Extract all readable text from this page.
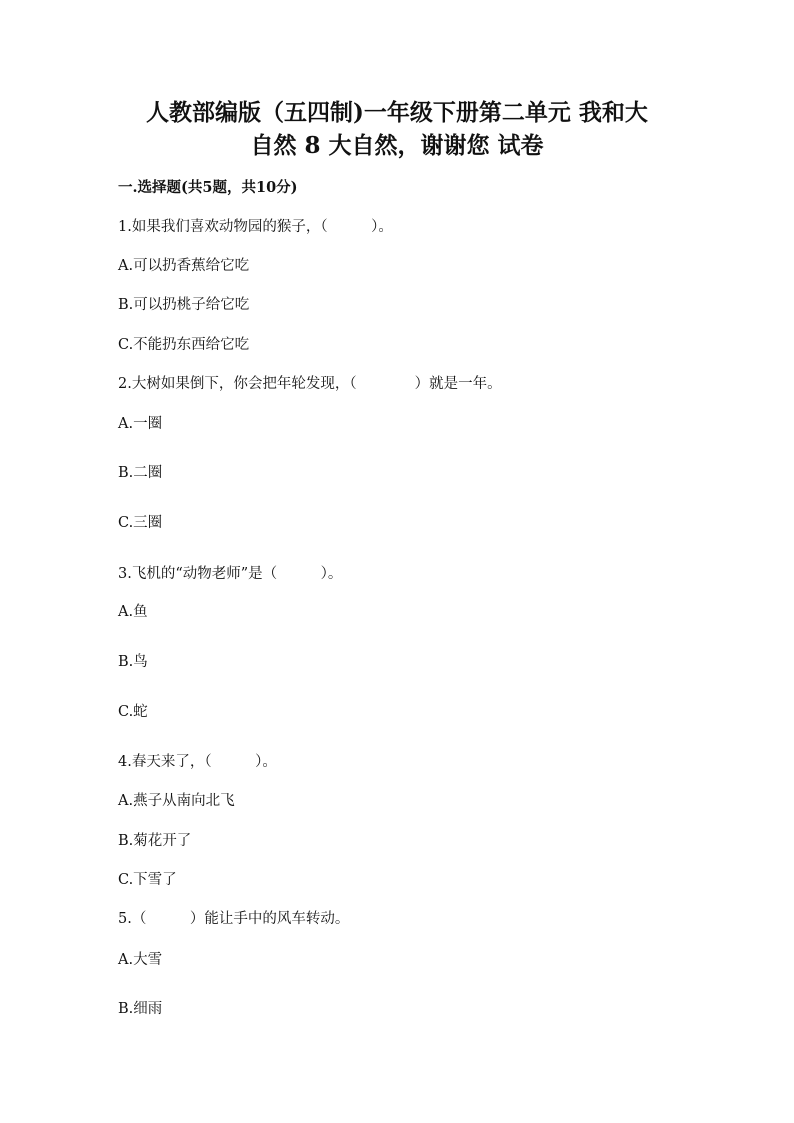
人教部编版（五四制)一年级下册第二单元 我和大
自然 8 大自然，谢谢您 试卷
一.选择题(共5题，共10分)
1.如果我们喜欢动物园的猴子，（　　　）。
A.可以扔香蕉给它吃
B.可以扔桃子给它吃
C.不能扔东西给它吃
2.大树如果倒下，你会把年轮发现，（　　　　）就是一年。
A.一圈
B.二圈
C.三圈
3.飞机的“动物老师”是（　　　）。
A.鱼
B.鸟
C.蛇
4.春天来了，（　　　）。
A.燕子从南向北飞
B.菊花开了
C.下雪了
5.（　　　）能让手中的风车转动。
A.大雪
B.细雨
